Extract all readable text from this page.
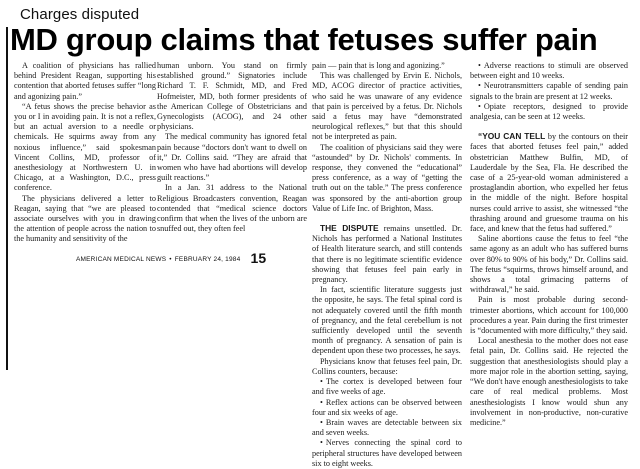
Charges disputed
MD group claims that fetuses suffer pain

A coalition of physicians has rallied behind President Reagan, supporting his contention that aborted fetuses suffer “long and agonizing pain.”

“A fetus shows the precise behavior as you or I in avoiding pain. It is not a reflex, but an actual aversion to a needle or chemicals. He squirms away from any noxious influence,” said spokesman Vincent Collins, MD, professor of anesthesiology at Northwestern U. in Chicago, at a Washington, D.C., press conference.

The physicians delivered a letter to Reagan, saying that “we are pleased to associate ourselves with you in drawing the attention of people across the nation to the humanity and sensitivity of the

human unborn. You stand on firmly established ground.” Signatories include Richard T. F. Schmidt, MD, and Fred Hofmeister, MD, both former presidents of the American College of Obstetricians and Gynecologists (ACOG), and 24 other physicians.

The medical community has ignored fetal pain because “doctors don't want to dwell on it,” Dr. Collins said. “They are afraid that women who have had abortions will develop guilt reactions.”

In a Jan. 31 address to the National Religious Broadcasters convention, Reagan contended that “medical science doctors confirm that when the lives of the unborn are snuffed out, they often feel

AMERICAN MEDICAL NEWS • FEBRUARY 24, 1984 15

pain — pain that is long and agonizing.”

This was challenged by Ervin E. Nichols, MD, ACOG director of practice activities, who said he was unaware of any evidence that pain is perceived by a fetus. Dr. Nichols said a fetus may have “demonstrated neurological reflexes,” but that this should not be interpreted as pain.

The coalition of physicians said they were “astounded” by Dr. Nichols' comments. In response, they convened the “educational” press conference, as a way of “getting the truth out on the table.” The press conference was sponsored by the anti-abortion group Value of Life Inc. of Brighton, Mass.

THE DISPUTE remains unsettled. Dr. Nichols has performed a National Institutes of Health literature search, and still contends that there is no legitimate scientific evidence showing that fetuses feel pain early in pregnancy.

In fact, scientific literature suggests just the opposite, he says. The fetal spinal cord is not adequately covered until the fifth month of pregnancy, and the fetal cerebellum is not sufficiently developed until the seventh month of pregnancy. A sensation of pain is dependent upon these two processes, he says.

Physicians know that fetuses feel pain, Dr. Collins counters, because:

• The cortex is developed between four and five weeks of age.

• Reflex actions can be observed between four and six weeks of age.

• Brain waves are detectable between six and seven weeks.

• Nerves connecting the spinal cord to peripheral structures have developed between six to eight weeks.

• Adverse reactions to stimuli are observed between eight and 10 weeks.

• Neurotransmitters capable of sending pain signals to the brain are present at 12 weeks.

• Opiate receptors, designed to provide analgesia, can be seen at 12 weeks.

“YOU CAN TELL by the contours on their faces that aborted fetuses feel pain,” added obstetrician Matthew Bulfin, MD, of Lauderdale by the Sea, Fla. He described the case of a 25-year-old woman administered a prostaglandin abortion, who expelled her fetus in the middle of the night. Before hospital nurses could arrive to assist, she witnessed “the thrashing around and gruesome trauma on his face, and knew that the fetus had suffered.”

Saline abortions cause the fetus to feel “the same agony as an adult who has suffered burns over 80% to 90% of his body,” Dr. Collins said. The fetus “squirms, throws himself around, and shows a total grimacing patterns of withdrawal,” he said.

Pain is most probable during second-trimester abortions, which account for 100,000 procedures a year. Pain during the first trimester is “documented with more difficulty,” they said.

Local anesthesia to the mother does not ease fetal pain, Dr. Collins said. He rejected the suggestion that anesthesiologists should play a more major role in the abortion setting, saying, “We don't have enough anesthesiologists to take care of real medical problems. Most anesthesiologists I know would shun any involvement in non-productive, non-curative medicine.”
